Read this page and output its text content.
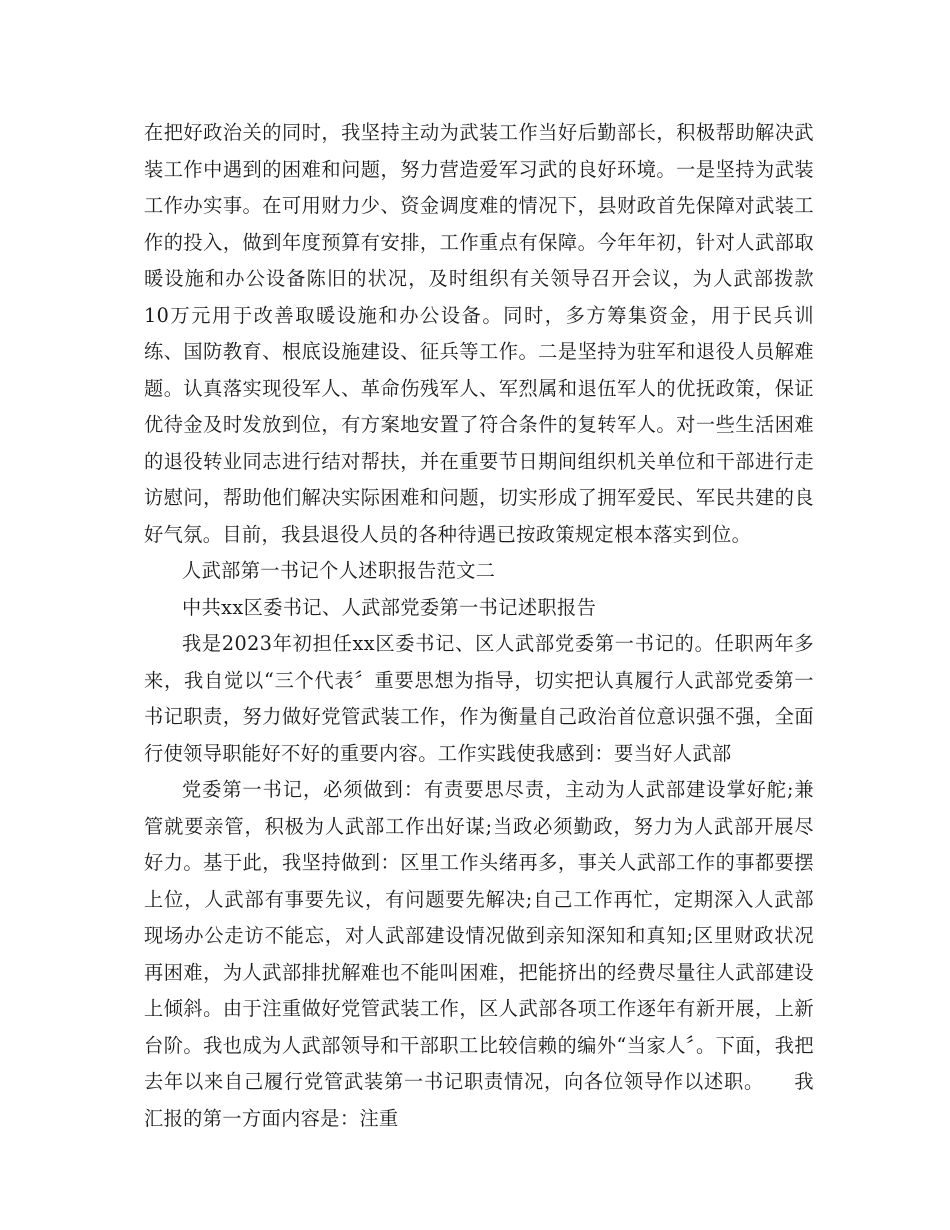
在把好政治关的同时，我坚持主动为武装工作当好后勤部长，积极帮助解决武装工作中遇到的困难和问题，努力营造爱军习武的良好环境。一是坚持为武装工作办实事。在可用财力少、资金调度难的情况下，县财政首先保障对武装工作的投入，做到年度预算有安排，工作重点有保障。今年年初，针对人武部取暖设施和办公设备陈旧的状况，及时组织有关领导召开会议，为人武部拨款10万元用于改善取暖设施和办公设备。同时，多方筹集资金，用于民兵训练、国防教育、根底设施建设、征兵等工作。二是坚持为驻军和退役人员解难题。认真落实现役军人、革命伤残军人、军烈属和退伍军人的优抚政策，保证优待金及时发放到位，有方案地安置了符合条件的复转军人。对一些生活困难的退役转业同志进行结对帮扶，并在重要节日期间组织机关单位和干部进行走访慰问，帮助他们解决实际困难和问题，切实形成了拥军爱民、军民共建的良好气氛。目前，我县退役人员的各种待遇已按政策规定根本落实到位。

人武部第一书记个人述职报告范文二

中共xx区委书记、人武部党委第一书记述职报告

我是2023年初担任xx区委书记、区人武部党委第一书记的。任职两年多来，我自觉以“三个代表〞重要思想为指导，切实把认真履行人武部党委第一书记职责，努力做好党管武装工作，作为衡量自己政治首位意识强不强，全面行使领导职能好不好的重要内容。工作实践使我感到：要当好人武部

党委第一书记，必须做到：有责要思尽责，主动为人武部建设掌好舵;兼管就要亲管，积极为人武部工作出好谋;当政必须勤政，努力为人武部开展尽好力。基于此，我坚持做到：区里工作头绪再多，事关人武部工作的事都要摆上位，人武部有事要先议，有问题要先解决;自己工作再忙，定期深入人武部现场办公走访不能忘，对人武部建设情况做到亲知深知和真知;区里财政状况再困难，为人武部排扰解难也不能叫困难，把能挤出的经费尽量往人武部建设上倾斜。由于注重做好党管武装工作，区人武部各项工作逐年有新开展，上新台阶。我也成为人武部领导和干部职工比较信赖的编外“当家人〞。下面，我把去年以来自己履行党管武装第一书记职责情况，向各位领导作以述职。　　我汇报的第一方面内容是：注重
